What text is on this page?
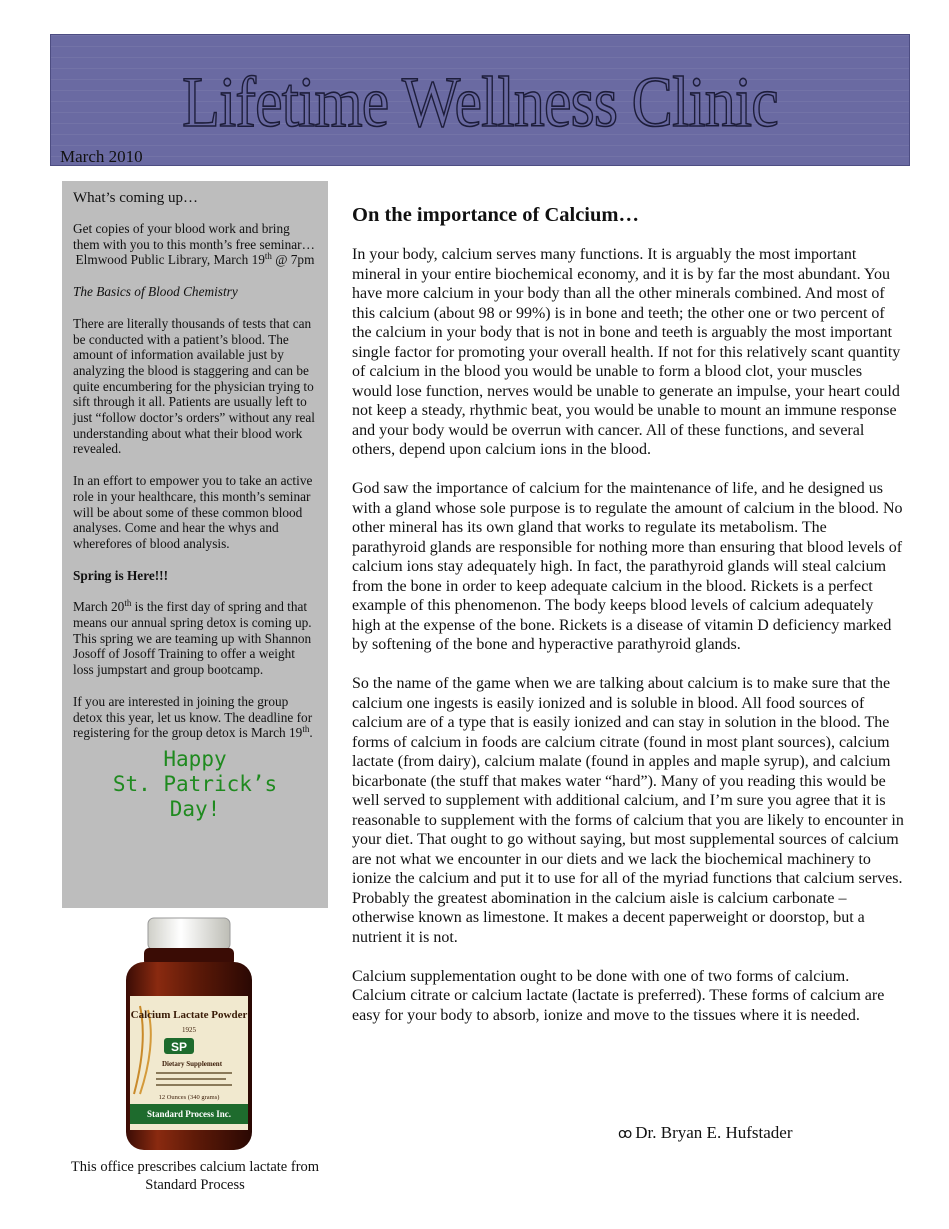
Lifetime Wellness Clinic
March 2010

What’s coming up…

Get copies of your blood work and bring them with you to this month’s free seminar…

Elmwood Public Library, March 19th @ 7pm

The Basics of Blood Chemistry

There are literally thousands of tests that can be conducted with a patient’s blood. The amount of information available just by analyzing the blood is staggering and can be quite encumbering for the physician trying to sift through it all. Patients are usually left to just “follow doctor’s orders” without any real understanding about what their blood work revealed.

In an effort to empower you to take an active role in your healthcare, this month’s seminar will be about some of these common blood analyses. Come and hear the whys and wherefores of blood analysis.

Spring is Here!!!

March 20th is the first day of spring and that means our annual spring detox is coming up. This spring we are teaming up with Shannon Josoff of Josoff Training to offer a weight loss jumpstart and group bootcamp.

If you are interested in joining the group detox this year, let us know. The deadline for registering for the group detox is March 19th.

Happy
St. Patrick’s
Day!
Calcium Lactate Powder
1925
SP
Dietary Supplement
12 Ounces (340 grams)
Standard Process Inc.
This office prescribes calcium lactate from Standard Process
On the importance of Calcium…

In your body, calcium serves many functions. It is arguably the most important mineral in your entire biochemical economy, and it is by far the most abundant. You have more calcium in your body than all the other minerals combined. And most of this calcium (about 98 or 99%) is in bone and teeth; the other one or two percent of the calcium in your body that is not in bone and teeth is arguably the most important single factor for promoting your overall health. If not for this relatively scant quantity of calcium in the blood you would be unable to form a blood clot, your muscles would lose function, nerves would be unable to generate an impulse, your heart could not keep a steady, rhythmic beat, you would be unable to mount an immune response and your body would be overrun with cancer. All of these functions, and several others, depend upon calcium ions in the blood.

God saw the importance of calcium for the maintenance of life, and he designed us with a gland whose sole purpose is to regulate the amount of calcium in the blood. No other mineral has its own gland that works to regulate its metabolism. The parathyroid glands are responsible for nothing more than ensuring that blood levels of calcium ions stay adequately high. In fact, the parathyroid glands will steal calcium from the bone in order to keep adequate calcium in the blood. Rickets is a perfect example of this phenomenon. The body keeps blood levels of calcium adequately high at the expense of the bone. Rickets is a disease of vitamin D deficiency marked by softening of the bone and hyperactive parathyroid glands.

So the name of the game when we are talking about calcium is to make sure that the calcium one ingests is easily ionized and is soluble in blood. All food sources of calcium are of a type that is easily ionized and can stay in solution in the blood. The forms of calcium in foods are calcium citrate (found in most plant sources), calcium lactate (from dairy), calcium malate (found in apples and maple syrup), and calcium bicarbonate (the stuff that makes water “hard”). Many of you reading this would be well served to supplement with additional calcium, and I’m sure you agree that it is reasonable to supplement with the forms of calcium that you are likely to encounter in your diet. That ought to go without saying, but most supplemental sources of calcium are not what we encounter in our diets and we lack the biochemical machinery to ionize the calcium and put it to use for all of the myriad functions that calcium serves. Probably the greatest abomination in the calcium aisle is calcium carbonate – otherwise known as limestone. It makes a decent paperweight or doorstop, but a nutrient it is not.

Calcium supplementation ought to be done with one of two forms of calcium. Calcium citrate or calcium lactate (lactate is preferred). These forms of calcium are easy for your body to absorb, ionize and move to the tissues where it is needed.

ꝏ Dr. Bryan E. Hufstader
